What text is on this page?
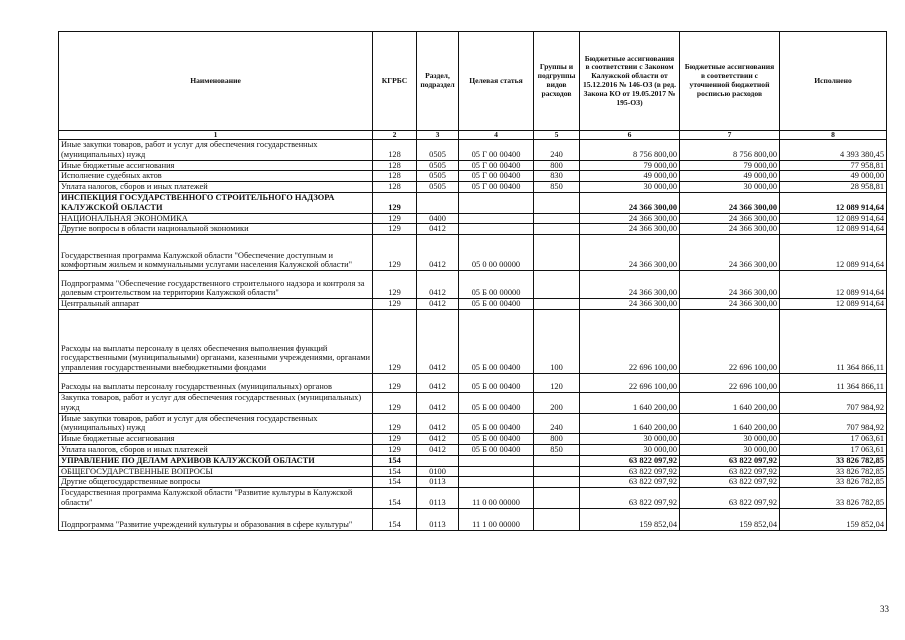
Наименование	КГРБС	Раздел, подраздел	Целевая статья	Группы и подгруппы видов расходов	Бюджетные ассигнования в соответствии с Законом Калужской области от 15.12.2016 № 146-ОЗ (в ред. Закона КО от 19.05.2017 № 195-ОЗ)	Бюджетные ассигнования в соответствии с уточненной бюджетной росписью расходов	Исполнено
1	2	3	4	5	6	7	8
Иные закупки товаров, работ и услуг для обеспечения государственных (муниципальных) нужд	128	0505	05 Г 00 00400	240	8 756 800,00	8 756 800,00	4 393 380,45
Иные бюджетные ассигнования	128	0505	05 Г 00 00400	800	79 000,00	79 000,00	77 958,81
Исполнение судебных актов	128	0505	05 Г 00 00400	830	49 000,00	49 000,00	49 000,00
Уплата налогов, сборов и иных платежей	128	0505	05 Г 00 00400	850	30 000,00	30 000,00	28 958,81
ИНСПЕКЦИЯ ГОСУДАРСТВЕННОГО СТРОИТЕЛЬНОГО НАДЗОРА КАЛУЖСКОЙ ОБЛАСТИ	129				24 366 300,00	24 366 300,00	12 089 914,64
НАЦИОНАЛЬНАЯ ЭКОНОМИКА	129	0400			24 366 300,00	24 366 300,00	12 089 914,64
Другие вопросы в области национальной экономики	129	0412			24 366 300,00	24 366 300,00	12 089 914,64
Государственная программа Калужской области "Обеспечение доступным и комфортным жильем и коммунальными услугами населения Калужской области"	129	0412	05 0 00 00000		24 366 300,00	24 366 300,00	12 089 914,64
Подпрограмма "Обеспечение государственного строительного надзора и контроля за долевым строительством на территории Калужской области"	129	0412	05 Б 00 00000		24 366 300,00	24 366 300,00	12 089 914,64
Центральный аппарат	129	0412	05 Б 00 00400		24 366 300,00	24 366 300,00	12 089 914,64
Расходы на выплаты персоналу в целях обеспечения выполнения функций государственными (муниципальными) органами, казенными учреждениями, органами управления государственными внебюджетными фондами	129	0412	05 Б 00 00400	100	22 696 100,00	22 696 100,00	11 364 866,11
Расходы на выплаты персоналу государственных (муниципальных) органов	129	0412	05 Б 00 00400	120	22 696 100,00	22 696 100,00	11 364 866,11
Закупка товаров, работ и услуг для обеспечения государственных (муниципальных) нужд	129	0412	05 Б 00 00400	200	1 640 200,00	1 640 200,00	707 984,92
Иные закупки товаров, работ и услуг для обеспечения государственных (муниципальных) нужд	129	0412	05 Б 00 00400	240	1 640 200,00	1 640 200,00	707 984,92
Иные бюджетные ассигнования	129	0412	05 Б 00 00400	800	30 000,00	30 000,00	17 063,61
Уплата налогов, сборов и иных платежей	129	0412	05 Б 00 00400	850	30 000,00	30 000,00	17 063,61
УПРАВЛЕНИЕ ПО ДЕЛАМ АРХИВОВ КАЛУЖСКОЙ ОБЛАСТИ	154				63 822 097,92	63 822 097,92	33 826 782,85
ОБЩЕГОСУДАРСТВЕННЫЕ ВОПРОСЫ	154	0100			63 822 097,92	63 822 097,92	33 826 782,85
Другие общегосударственные вопросы	154	0113			63 822 097,92	63 822 097,92	33 826 782,85
Государственная программа Калужской области "Развитие культуры в Калужской области"	154	0113	11 0 00 00000		63 822 097,92	63 822 097,92	33 826 782,85
Подпрограмма "Развитие учреждений культуры и образования в сфере культуры"	154	0113	11 1 00 00000		159 852,04	159 852,04	159 852,04
33
